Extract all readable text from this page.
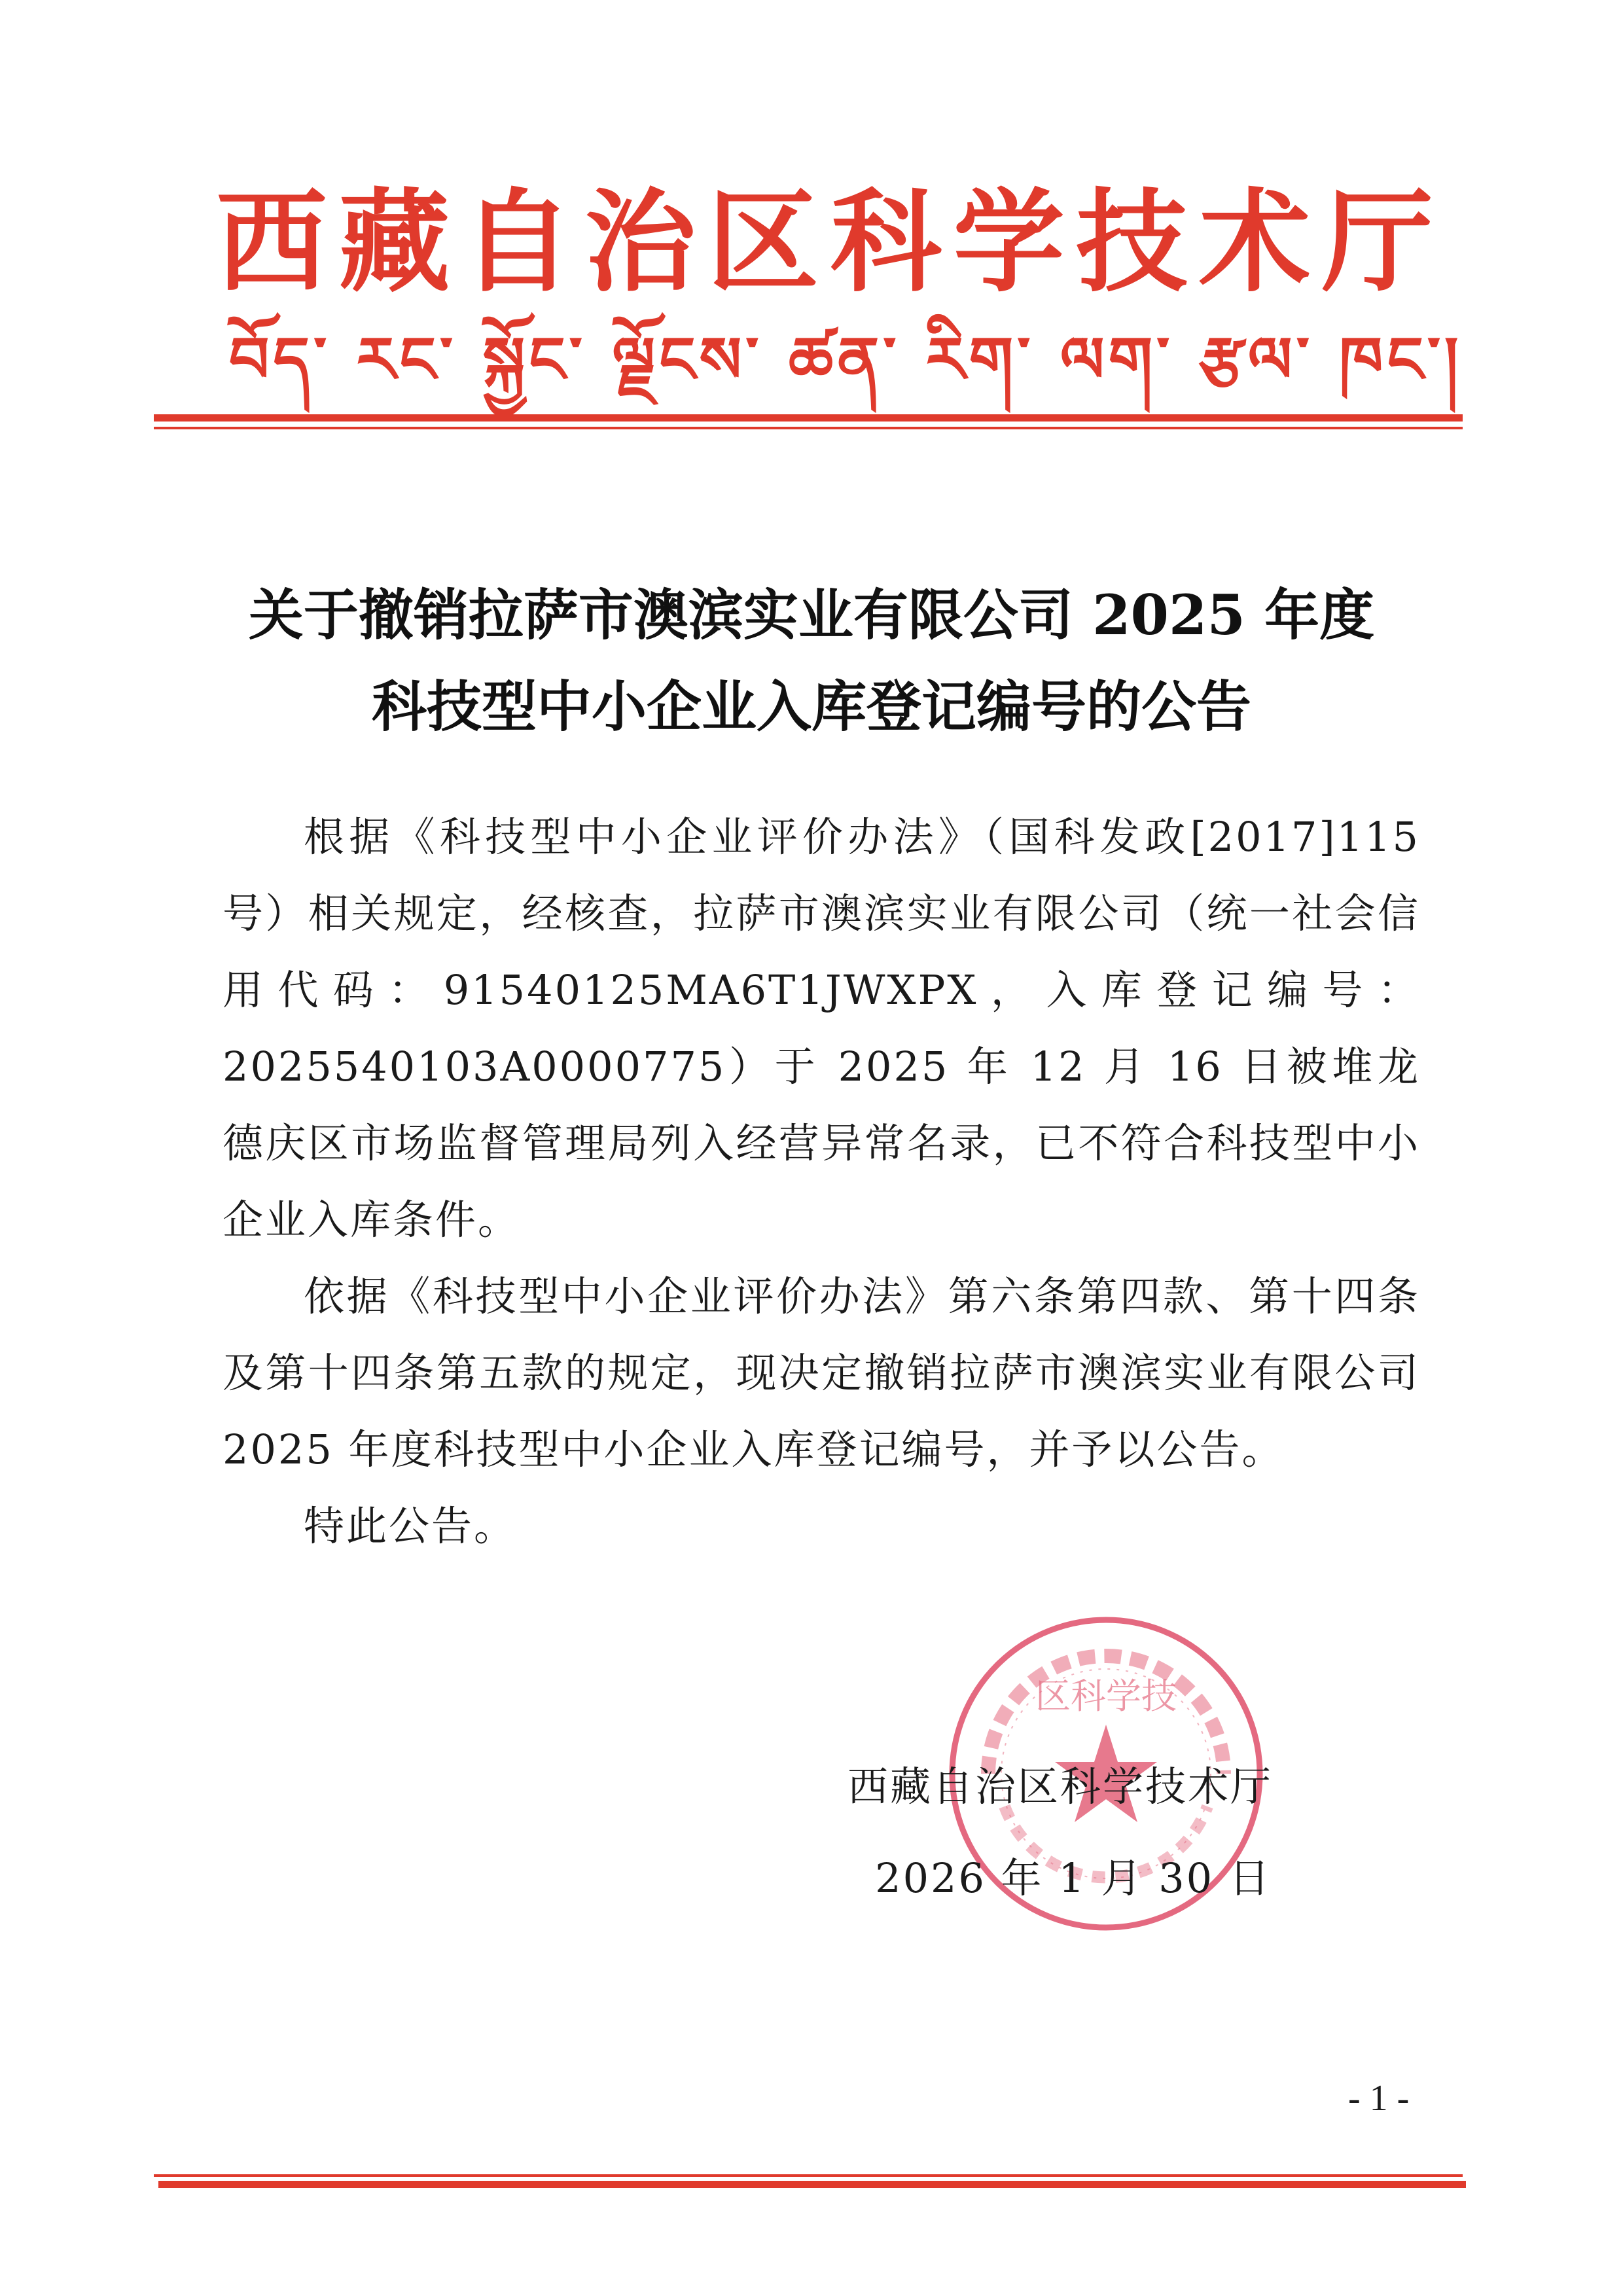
西 藏 自 治 区 科 学 技 术 厅
བོད་ རང་ སྐྱོང་ ལྗོངས་ ཚན་ རིག་ ལག་ རྩལ་ ཁང་།
关于撤销拉萨市澳滨实业有限公司 2025 年度
科技型中小企业入库登记编号的公告

根据《科技型中小企业评价办法》（国科发政[2017]115 号）相关规定，经核查，拉萨市澳滨实业有限公司（统一社会信用代码：91540125MA6T1JWXPX，入库登记编号：2025540103A0000775）于 2025 年 12 月 16 日被堆龙德庆区市场监督管理局列入经营异常名录，已不符合科技型中小企业入库条件。

依据《科技型中小企业评价办法》第六条第四款、第十四条及第十四条第五款的规定，现决定撤销拉萨市澳滨实业有限公司 2025 年度科技型中小企业入库登记编号，并予以公告。

特此公告。

区科学技
西藏自治区科学技术厅
2026 年 1 月 30 日
- 1 -
